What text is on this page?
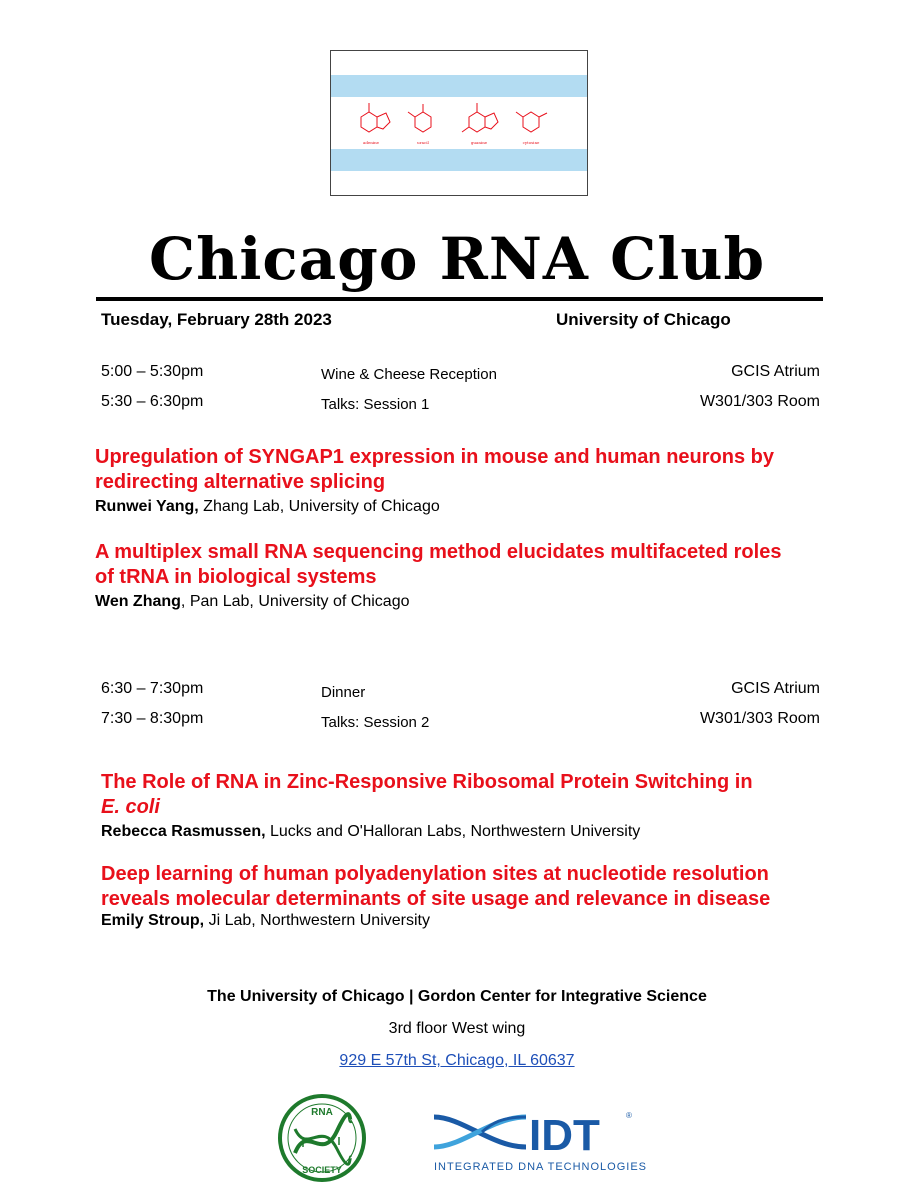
adenine	uracil	guanine	cytosine
Chicago RNA Club
Tuesday, February 28th 2023	University of Chicago
5:00 – 5:30pm	Wine & Cheese Reception	GCIS Atrium
5:30 – 6:30pm	Talks: Session 1	W301/303 Room
Upregulation of SYNGAP1 expression in mouse and human neurons by
redirecting alternative splicing
Runwei Yang, Zhang Lab, University of Chicago
A multiplex small RNA sequencing method elucidates multifaceted roles
of tRNA in biological systems
Wen Zhang, Pan Lab, University of Chicago
6:30 – 7:30pm	Dinner	GCIS Atrium
7:30 – 8:30pm	Talks: Session 2	W301/303 Room
The Role of RNA in Zinc-Responsive Ribosomal Protein Switching in
E. coli
Rebecca Rasmussen, Lucks and O'Halloran Labs, Northwestern University
Deep learning of human polyadenylation sites at nucleotide resolution
reveals molecular determinants of site usage and relevance in disease
Emily Stroup, Ji Lab, Northwestern University
The University of Chicago | Gordon Center for Integrative Science
3rd floor West wing
929 E 57th St, Chicago, IL 60637
RNA
SOCIETY
IDT	®
INTEGRATED DNA TECHNOLOGIES
